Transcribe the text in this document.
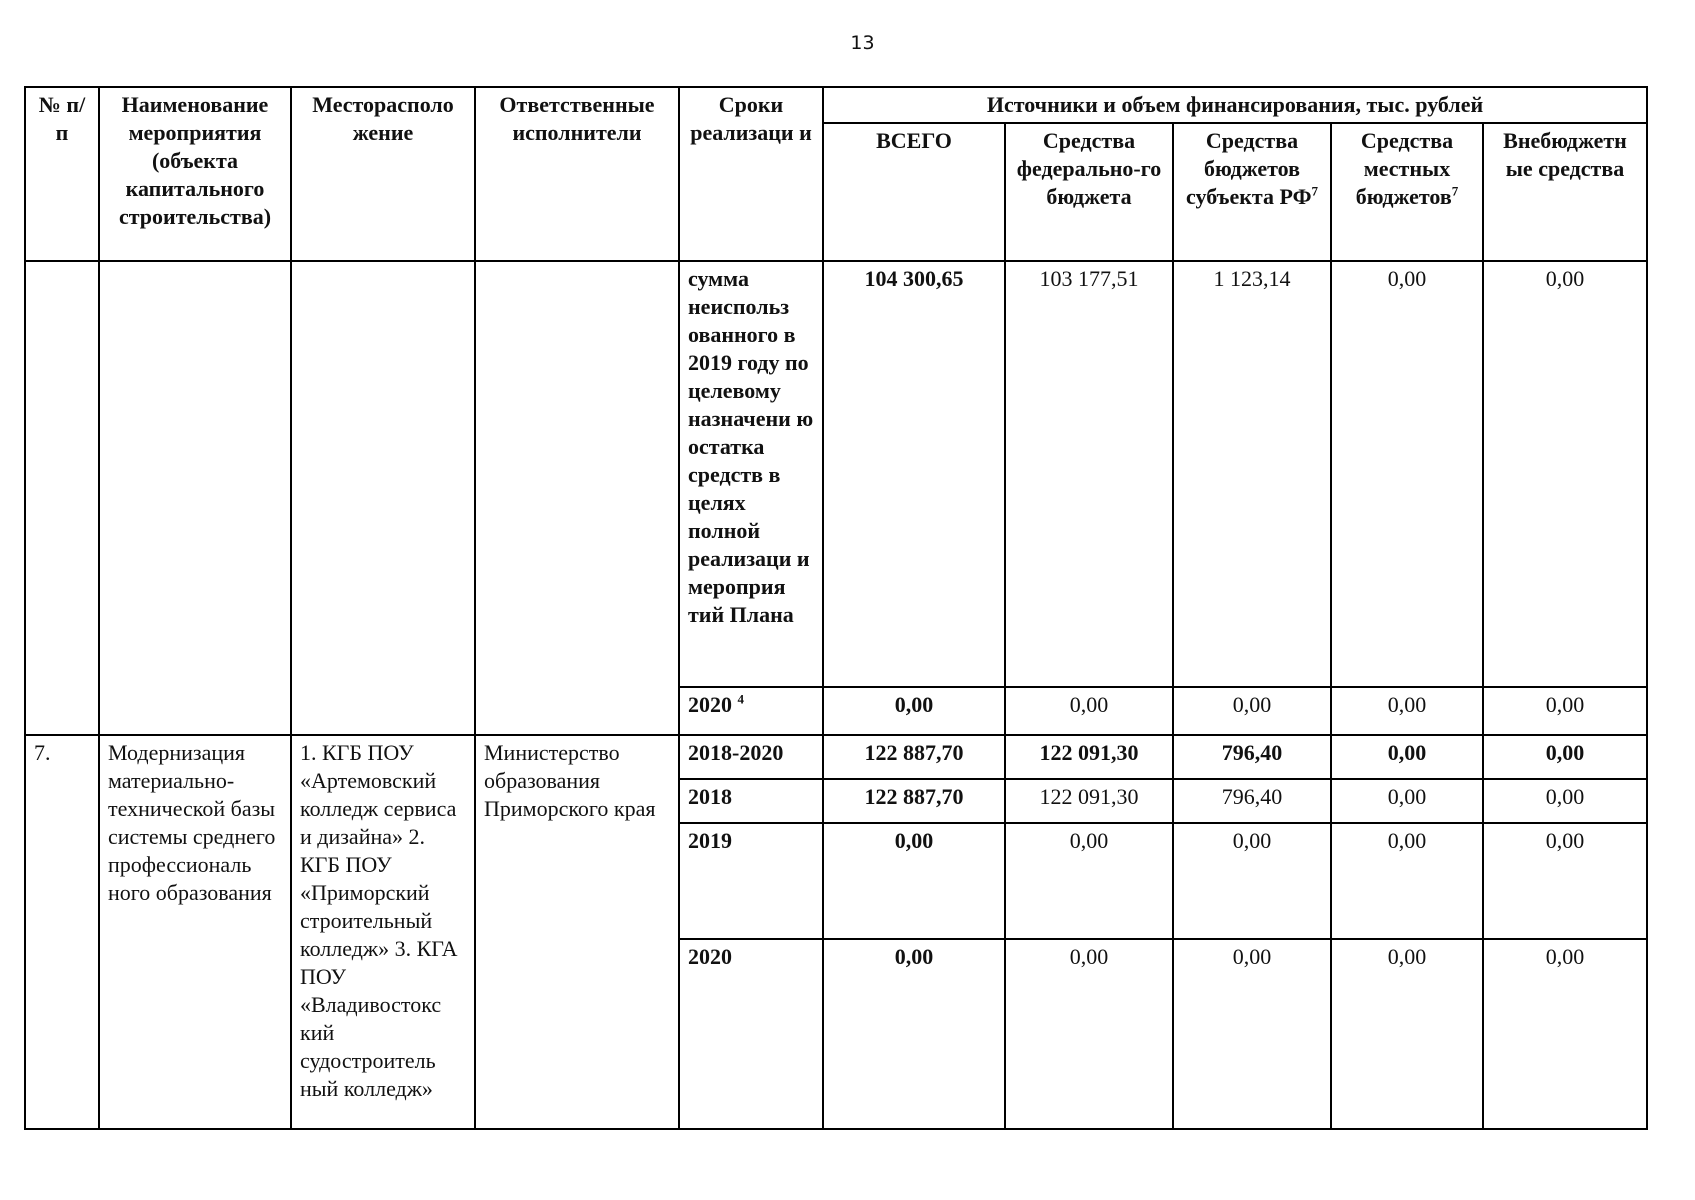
13
№ п/п	Наименование мероприятия (объекта капитального строительства)	Месторасполо жение	Ответственные исполнители	Сроки реализаци и	Источники и объем финансирования, тыс. рублей				
					ВСЕГО	Средства федерально-го бюджета	Средства бюджетов субъекта $РФ^7$	Средства местных бюджетов$^7$	Внебюджетн ые средства
				сумма неиспольз ованного в 2019 году по целевому назначени ю остатка средств в целях полной реализаци и мероприя тий Плана	104 300,65	103 177,51	1 123,14	0,00	0,00
				2020 $^4$	0,00	0,00	0,00	0,00	0,00
7.	Модернизация материально-технической базы системы среднего профессиональ ного образования	1. КГБ ПОУ «Артемовский колледж сервиса и дизайна» 2. КГБ ПОУ «Приморский строительный колледж» 3. КГА ПОУ «Владивостокс кий судостроитель ный колледж»	Министерство образования Приморского края	2018-2020	122 887,70	122 091,30	796,40	0,00	0,00
				2018	122 887,70	122 091,30	796,40	0,00	0,00
				2019	0,00	0,00	0,00	0,00	0,00
				2020	0,00	0,00	0,00	0,00	0,00
